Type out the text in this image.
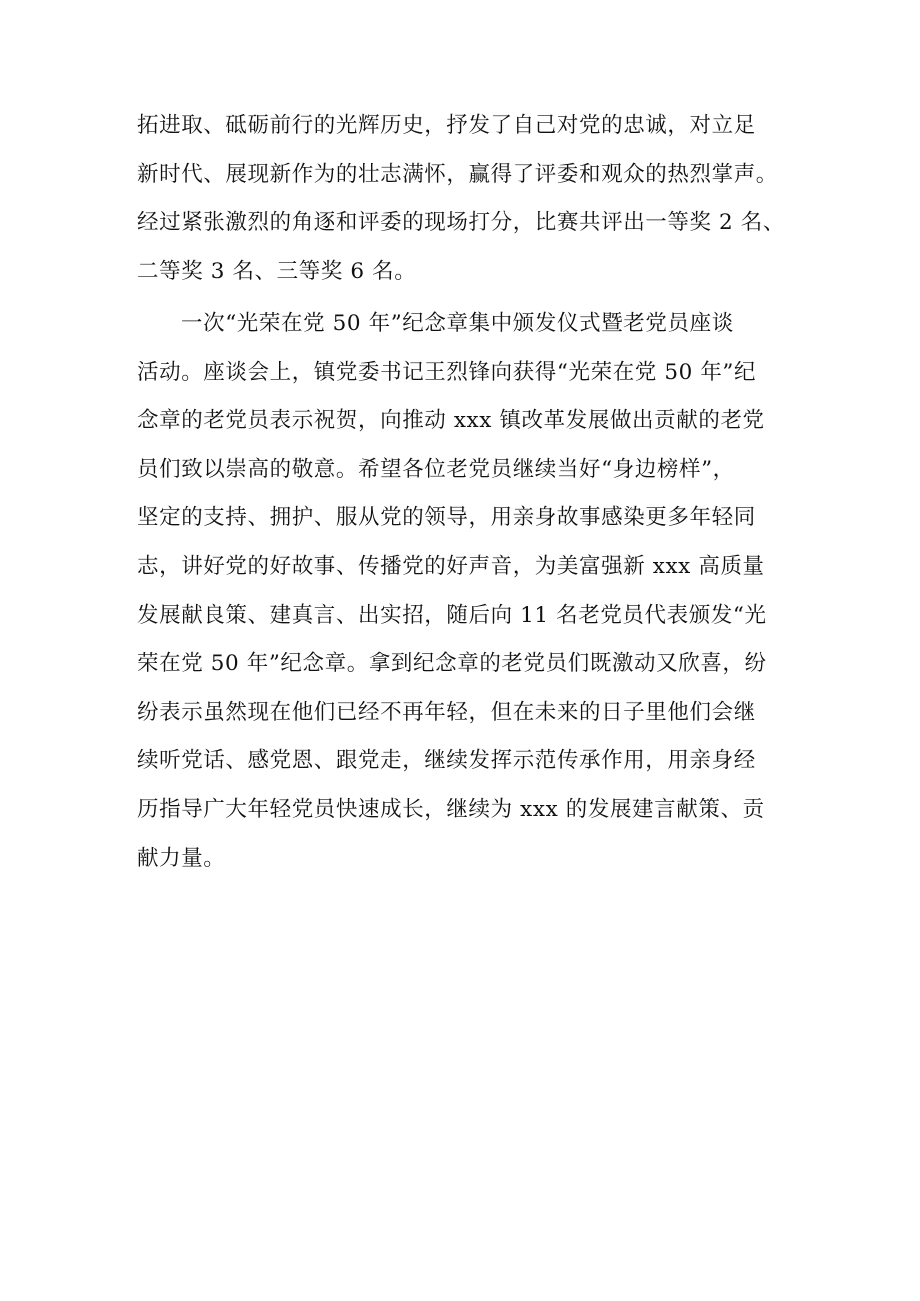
拓进取、砥砺前行的光辉历史，抒发了自己对党的忠诚，对立足
新时代、展现新作为的壮志满怀，赢得了评委和观众的热烈掌声。
经过紧张激烈的角逐和评委的现场打分，比赛共评出一等奖 2 名、
二等奖 3 名、三等奖 6 名。
一次“光荣在党 50 年”纪念章集中颁发仪式暨老党员座谈
活动。座谈会上，镇党委书记王烈锋向获得“光荣在党 50 年”纪
念章的老党员表示祝贺，向推动 xxx 镇改革发展做出贡献的老党
员们致以崇高的敬意。希望各位老党员继续当好“身边榜样”，
坚定的支持、拥护、服从党的领导，用亲身故事感染更多年轻同
志，讲好党的好故事、传播党的好声音，为美富强新 xxx 高质量
发展献良策、建真言、出实招，随后向 11 名老党员代表颁发“光
荣在党 50 年”纪念章。拿到纪念章的老党员们既激动又欣喜，纷
纷表示虽然现在他们已经不再年轻，但在未来的日子里他们会继
续听党话、感党恩、跟党走，继续发挥示范传承作用，用亲身经
历指导广大年轻党员快速成长，继续为 xxx 的发展建言献策、贡
献力量。
